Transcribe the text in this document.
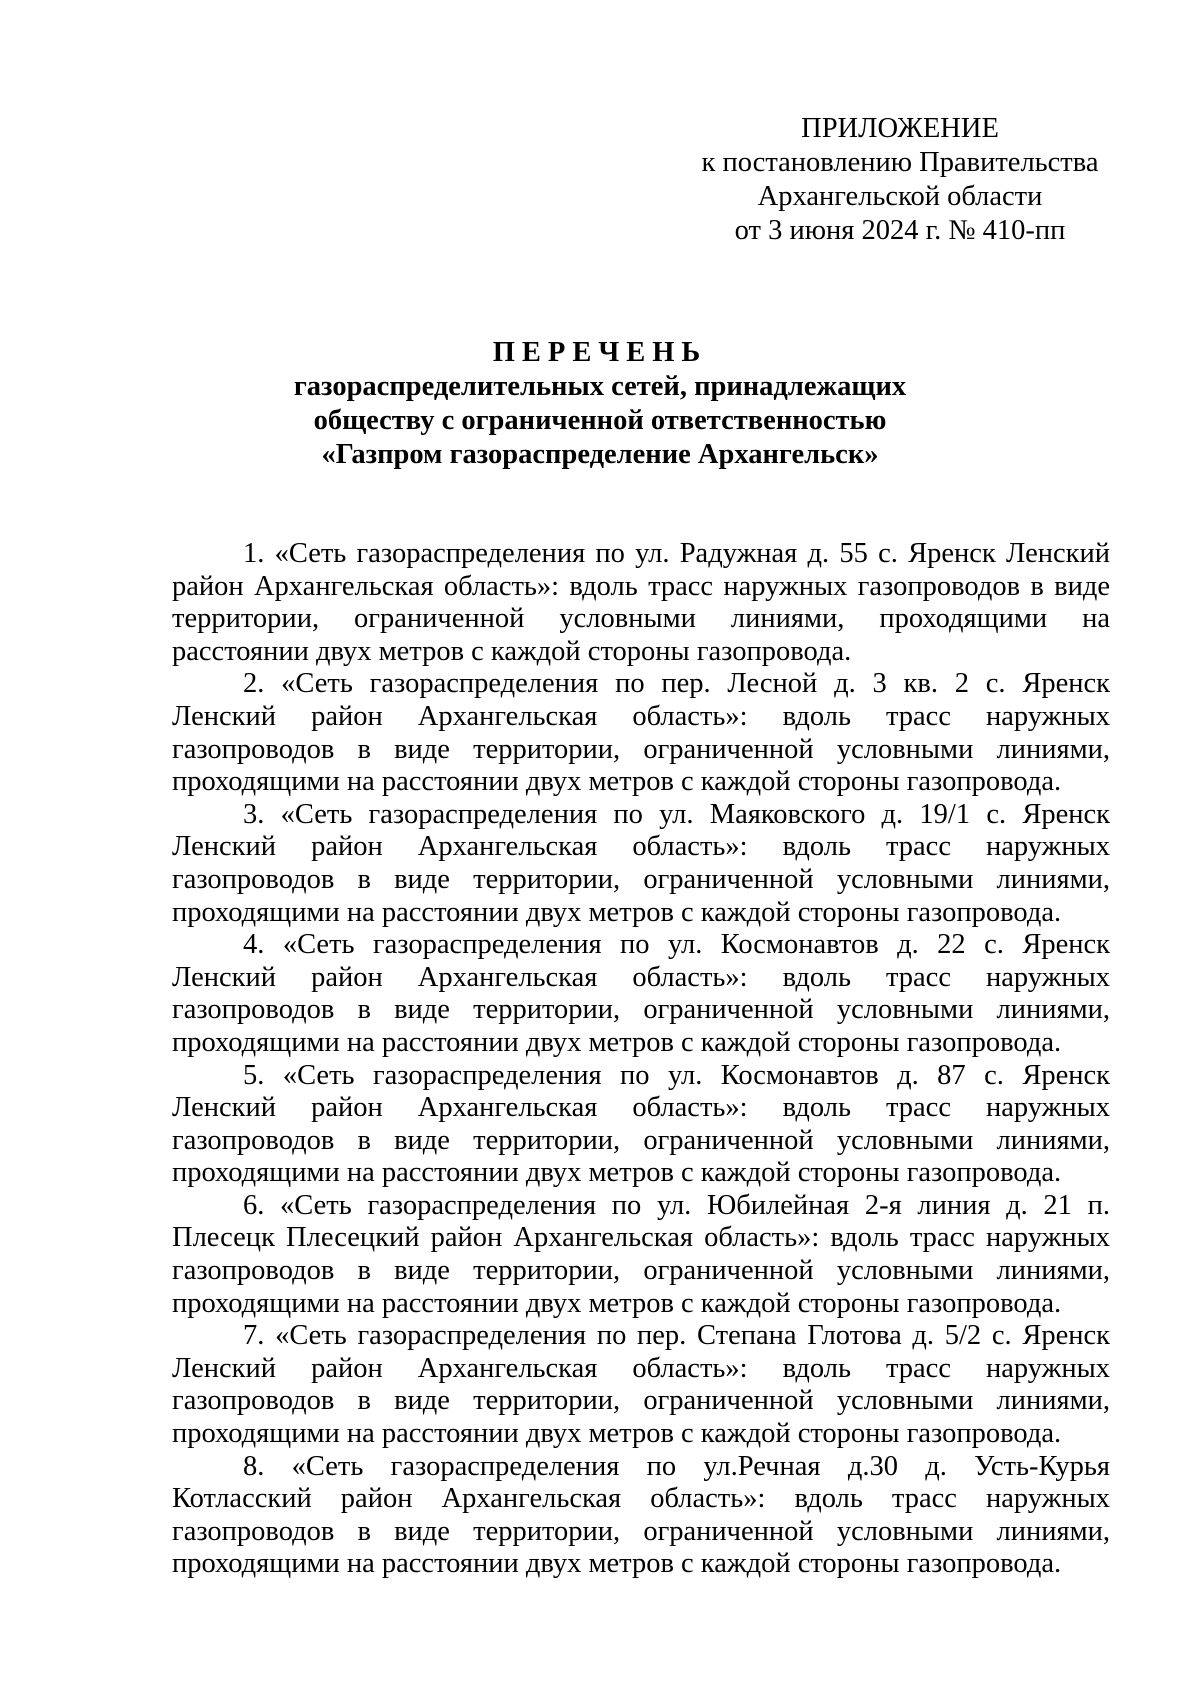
ПРИЛОЖЕНИЕ
к постановлению Правительства
Архангельской области
от 3 июня 2024 г. № 410-пп
ПЕРЕЧЕНЬ
газораспределительных сетей, принадлежащих
обществу с ограниченной ответственностью
«Газпром газораспределение Архангельск»

1. «Сеть газораспределения по ул. Радужная д. 55 с. Яренск Ленский район Архангельская область»: вдоль трасс наружных газопроводов в виде территории, ограниченной условными линиями, проходящими на расстоянии двух метров с каждой стороны газопровода.

2. «Сеть газораспределения по пер. Лесной д. 3 кв. 2 с. Яренск Ленский район Архангельская область»: вдоль трасс наружных газопроводов в виде территории, ограниченной условными линиями, проходящими на расстоянии двух метров с каждой стороны газопровода.

3. «Сеть газораспределения по ул. Маяковского д. 19/1 с. Яренск Ленский район Архангельская область»: вдоль трасс наружных газопроводов в виде территории, ограниченной условными линиями, проходящими на расстоянии двух метров с каждой стороны газопровода.

4. «Сеть газораспределения по ул. Космонавтов д. 22 с. Яренск Ленский район Архангельская область»: вдоль трасс наружных газопроводов в виде территории, ограниченной условными линиями, проходящими на расстоянии двух метров с каждой стороны газопровода.

5. «Сеть газораспределения по ул. Космонавтов д. 87 с. Яренск Ленский район Архангельская область»: вдоль трасс наружных газопроводов в виде территории, ограниченной условными линиями, проходящими на расстоянии двух метров с каждой стороны газопровода.

6. «Сеть газораспределения по ул. Юбилейная 2-я линия д. 21 п. Плесецк Плесецкий район Архангельская область»: вдоль трасс наружных газопроводов в виде территории, ограниченной условными линиями, проходящими на расстоянии двух метров с каждой стороны газопровода.

7. «Сеть газораспределения по пер. Степана Глотова д. 5/2 с. Яренск Ленский район Архангельская область»: вдоль трасс наружных газопроводов в виде территории, ограниченной условными линиями, проходящими на расстоянии двух метров с каждой стороны газопровода.

8. «Сеть газораспределения по ул.Речная д.30 д. Усть-Курья Котласский район Архангельская область»: вдоль трасс наружных газопроводов в виде территории, ограниченной условными линиями, проходящими на расстоянии двух метров с каждой стороны газопровода.
